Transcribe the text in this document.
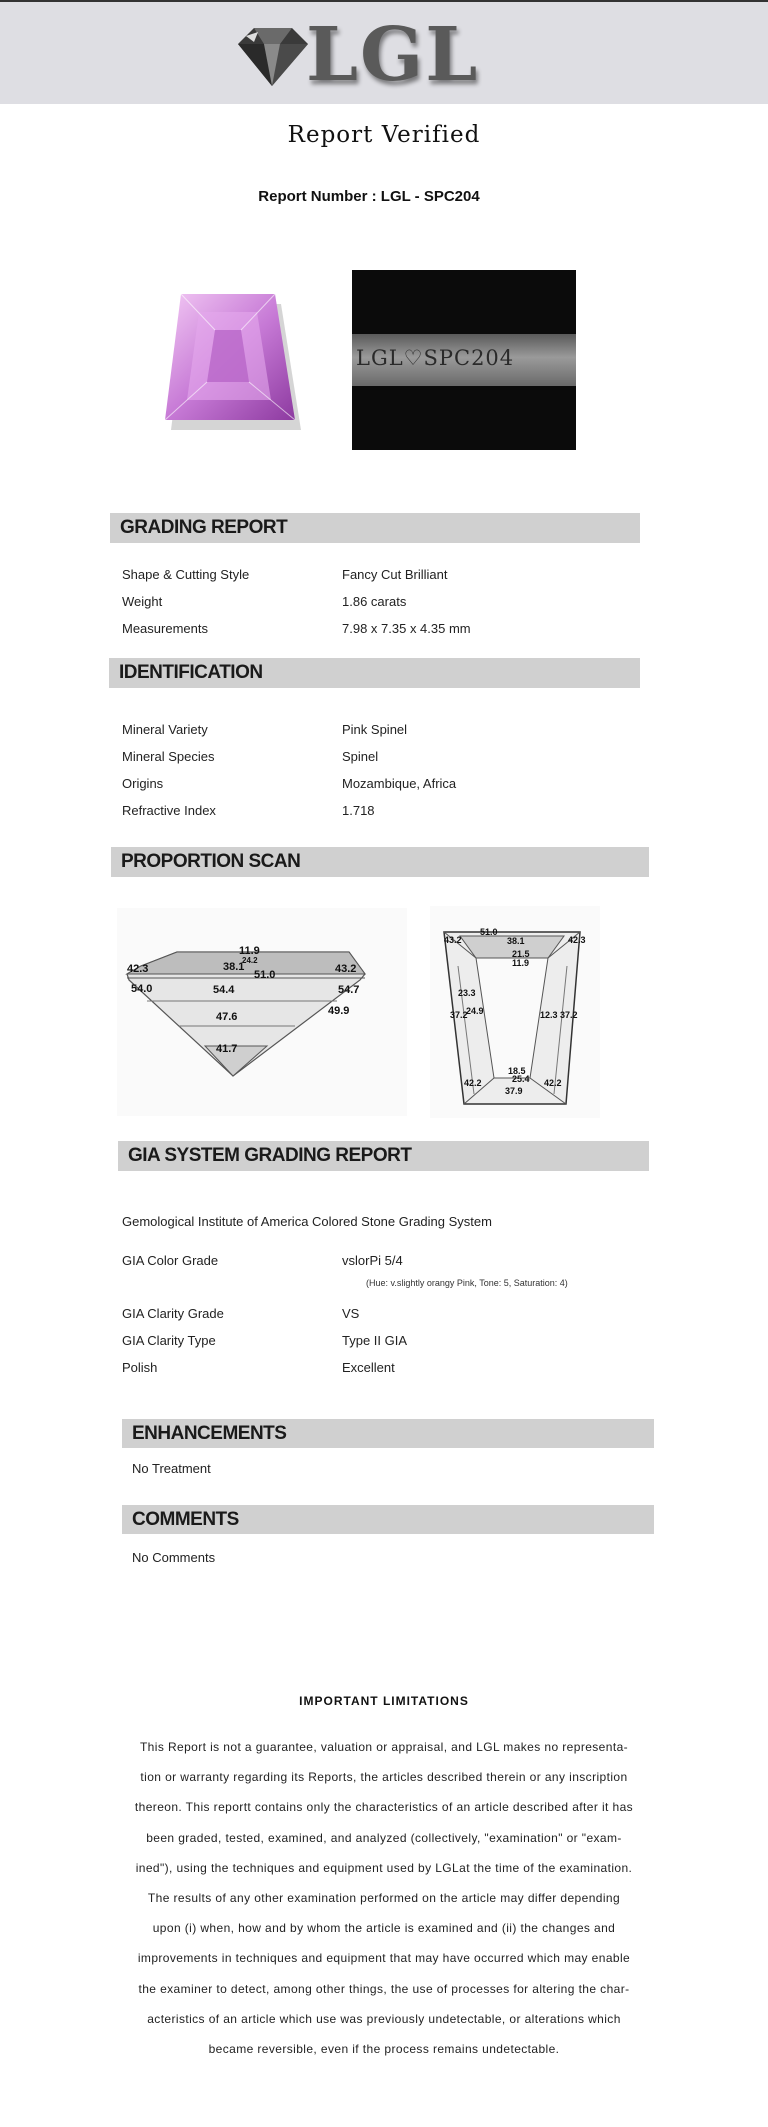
LGL
Report Verified
Report Number : LGL - SPC204
LGL♡SPC204
GRADING REPORT
Shape & Cutting Style	Fancy Cut Brilliant
Weight	1.86 carats
Measurements	7.98 x 7.35 x 4.35 mm
IDENTIFICATION
Mineral Variety	Pink Spinel
Mineral Species	Spinel
Origins	Mozambique, Africa
Refractive Index	1.718
PROPORTION SCAN
11.9
24.2
38.1
51.0
42.3	43.2
54.0	54.4	54.7
49.9
47.6
41.7
51.0
43.2	42.3
38.1
21.5
11.9
23.3
37.2
24.9	12.3 37.2
18.5
25.4
42.2	42.2
37.9
GIA SYSTEM GRADING REPORT
Gemological Institute of America Colored Stone Grading System
GIA Color Grade	vslorPi 5/4
(Hue: v.slightly orangy Pink, Tone: 5, Saturation: 4)
GIA Clarity Grade	VS
GIA Clarity Type	Type II GIA
Polish	Excellent
ENHANCEMENTS
No Treatment
COMMENTS
No Comments
IMPORTANT LIMITATIONS
This Report is not a guarantee, valuation or appraisal, and LGL makes no representa-
tion or warranty regarding its Reports, the articles described therein or any inscription
thereon. This reportt contains only the characteristics of an article described after it has
been graded, tested, examined, and analyzed (collectively, "examination" or "exam-
ined"), using the techniques and equipment used by LGLat the time of the examination.
The results of any other examination performed on the article may differ depending
upon (i) when, how and by whom the article is examined and (ii) the changes and
improvements in techniques and equipment that may have occurred which may enable
the examiner to detect, among other things, the use of processes for altering the char-
acteristics of an article which use was previously undetectable, or alterations which
became reversible, even if the process remains undetectable.
